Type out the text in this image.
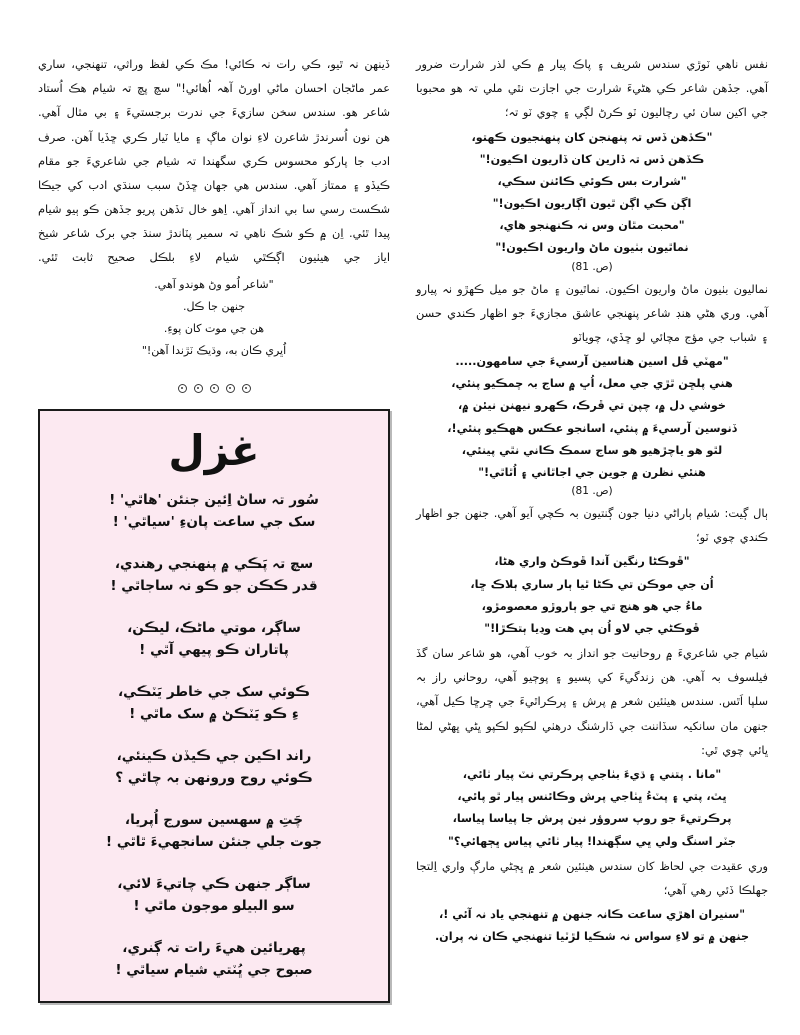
نفس ناهي ٽوڙي سندس شريف ۽ پاڪ پيار ۾ ڪي لذر شرارت ضرور آهي. جڏهن شاعر ڪي هڻيءَ شرارت جي اجازت نٿي ملي تہ هو محبوبا جي اکين سان ئي رچاليون ٽو ڪرڻ لڳي ۽ چوي ٽو تہ؛
"ڪڏهن ڏس تہ پنهنجن کان پنهنجيون ڪهتو،
ڪڏهن ڏس تہ ڏارين کان ڏاريون اڪيون!"
"شرارت بس ڪوئي ڪائنن سڪي،
اڳن ڪي اڳن ٿيون اڳاريون اڪيون!"
"محبت مٿان وس نہ ڪنهنجو هاي،
نماٿيون بٺيون ماڻ واريون اڪيون!"
(ص. 81)
نماليون بٺيون ماڻ واريون اڪيون. نماٿيون ۽ ماڻ جو ميل ڪهڙو نہ پيارو آهي. وري هڻي هنڊ شاعر پنهنجي عاشق مجازيءَ جو اظهار ڪندي حسن ۽ شباب جي مؤج مچائي لو ڇڏي، چوياٽو
"مهٽي ڦل اسين هناسين آرسيءَ جي سامهون.....
هني پلڇن ٿڙي جي معل، اُڀ ۾ ساج بہ چمڪيو پنئي،
خوشي دل ۾، چپن تي ڦرڪ، ڪهرو نيهنن نيئن ۾،
ڏنوسين آرسيءَ ۾ پنئي، اسانجو عڪس ههڪيو پنئي!،
لٿو هو ياچڙهيو هو ساج سمڪ ڪاني نٿي پينئي،
هنئي نظرن ۾ جوين جي اجاٿاني ۽ اُٿاٿي!"
(ص. 81)
ٻال ڳيت: شيام ٻاراڻي دنيا جون ڳنتيون بہ ڪچي آيو آهي. جنهن جو اظهار ڪندي چوي ٽو؛
"ڦوڪڻا رنگين آندا ڦوڪڻ واري هڻا،
اُن جي موڪن تي ڪڻا ٿيا ٻار ساري ٻلاڪ ڇا،
ماءُ جي هو هنج تي جو ٻاروڙو معصومڙو،
ڦوڪڻي جي لاو اُن ٻي هت وڊيا ٻتڪڙا!"
شيام جي شاعريءَ ۾ روحانيت جو انداز بہ خوب آهي، هو شاعر سان گڏ فيلسوف بہ آهي. هن زندگيءَ کي پسيو ۽ پوڄيو آهي، روحاني راز بہ سلپا اَٿس. سندس هيٺئين شعر ۾ پرش ۽ پرڪراٿيءَ جي ڇرڇا ڪيل آهي، جنهن مان سانکيہ سڏاننت جي ڏارشنگ درهٺي لڪپو لڪپو ڀڻي ڀهڻي لمڻا ڀائي چوي ٿي:
"مانا . پتني ۽ ڌيءَ بٺاجي پرڪرتي نٽ پيار ٺائي،
ڀٽ، پتي ۽ پٽءُ ڀٺاجي پرش وڪائنس پيار ٿو پائي،
پرڪرتيءَ جو روپ سروؤر نين پرش جا پياسا پياسا،
جٽر اسنگ ولي ڀي سڳهندا! پيار ٺائي پياس ڀڄهائي؟"
وري عقيدت جي لحاظ کان سندس هيٺئين شعر ۾ ڀڄڻي مارڳ واري اِلتجا جهلڪا ڏئي رهي آهي؛
"سنيران اهڙي ساعت ڪانہ جنهن ۾ تنهنجي ياد نہ آئي !،
جنهن ۾ تو لاءِ سواس نہ شڪيا لڙٽيا تنهنجي ڪان نہ پران.
ڏينهن نہ ٿيو، ڪي رات نہ ڪائي! مڪ ڪي لفظ وراثي، تنهنجي، ساري عمر ماڻجان احسان ماڻي اورڻ آهہ اُهائي!" سچ پچ تہ شيام هڪ اُستاد شاعر هو. سندس سخن سازيءَ جي ندرت برجستيءَ ۽ بي مثال آهي. هن نون اُسرندڙ شاعرن لاءِ نوان ماڳ ۽ مايا ٽيار ڪري ڇڏيا آهن. صرف ادب جا پارکو محسوس ڪري سگهندا تہ شيام جي شاعريءَ جو مقام ڪيڏو ۽ ممتاز آهي. سندس هي جهان ڇڏڻ سبب سنڌي ادب کي جيڪا شڪست رسي سا بي انداز آهي. اِهو خال تڏهن پريو جڏهن ڪو ٻيو شيام پيدا ٿئي. اِن ۾ ڪو شڪ ناهي تہ سمير پٽاندڙ سنڌ جي برک شاعر شيخ اياز جي هيٺيون اڳڪٿي شيام لاءِ بلڪل صحيح ثابت ٿئي.
"شاعر اُمو وڻ هوندو آهي.
جنهن جا ڪل.
هن جي موت کان پوءِ.
اُڀري ڪان به، وڌيڪ ٽڙندا آهن!"
غزل
سُور تہ ساڻ اِئين جنئن 'هاٿي' !
سک جي ساعت پانءِ 'سياٿي' !
سچ تہ پَڪي ۾ پنهنجي رهندي،
قدر ڪڪن جو ڪو نہ ساجاٿي !
ساڳر، موتي ماڻڪ، ليڪن،
پاتاران ڪو پيهي آٿي !
ڪوئي سک جي خاطر يَٽڪي،
ءِ ڪو يَٽڪڻ ۾ سک ماٿي !
راند اڪين جي ڪيڏن ڪينئي،
ڪوئي روح ورونهن بہ چاٿي ؟
چَتِ ۾ سهسين سورج اُپريا،
جوت جلي جنئن سانجهيءَ ٿاٿي !
ساڳر جنهن ڪي چاتيءَ لائي،
سو البيلو موجون ماٿي !
پهريائين هيءَ رات تہ ڳنري،
صبوح جي ڀُٽتي شيام سياٿي !
